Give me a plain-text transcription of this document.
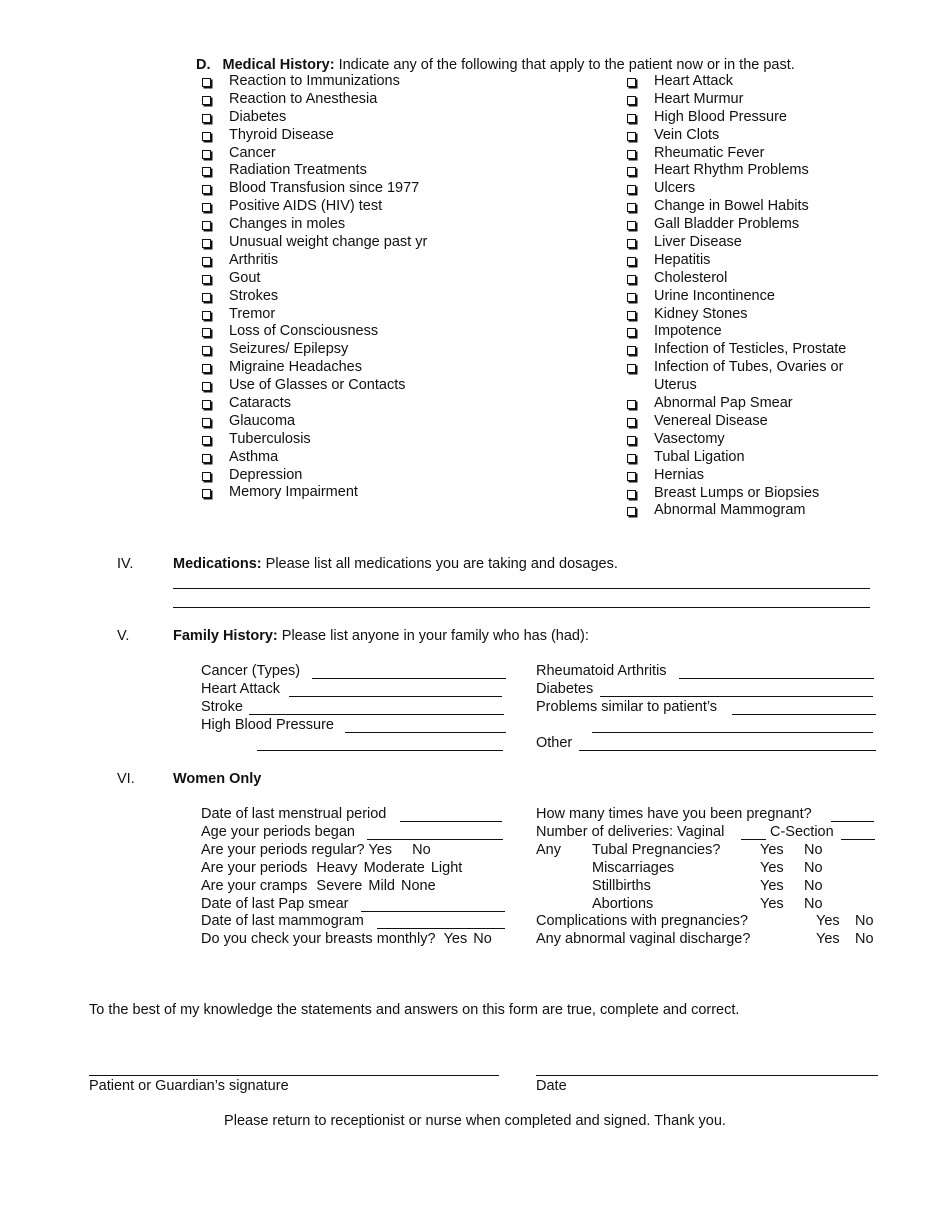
D. Medical History: Indicate any of the following that apply to the patient now or in the past.
Reaction to Immunizations
Reaction to Anesthesia
Diabetes
Thyroid Disease
Cancer
Radiation Treatments
Blood Transfusion since 1977
Positive AIDS (HIV) test
Changes in moles
Unusual weight change past yr
Arthritis
Gout
Strokes
Tremor
Loss of Consciousness
Seizures/ Epilepsy
Migraine Headaches
Use of Glasses or Contacts
Cataracts
Glaucoma
Tuberculosis
Asthma
Depression
Memory Impairment
Heart Attack
Heart Murmur
High Blood Pressure
Vein Clots
Rheumatic Fever
Heart Rhythm Problems
Ulcers
Change in Bowel Habits
Gall Bladder Problems
Liver Disease
Hepatitis
Cholesterol
Urine Incontinence
Kidney Stones
Impotence
Infection of Testicles, Prostate
Infection of Tubes, Ovaries or Uterus
Abnormal Pap Smear
Venereal Disease
Vasectomy
Tubal Ligation
Hernias
Breast Lumps or Biopsies
Abnormal Mammogram
IV.	Medications: Please list all medications you are taking and dosages.
V.	Family History: Please list anyone in your family who has (had):
Cancer (Types)
Heart Attack
Stroke
High Blood Pressure
Rheumatoid Arthritis
Diabetes
Problems similar to patient’s
Other
VI.	Women Only
Date of last menstrual period
Age your periods began
Are your periods regular? Yes No
Are your periods Heavy Moderate Light
Are your cramps Severe Mild None
Date of last Pap smear
Date of last mammogram
Do you check your breasts monthly? Yes No
How many times have you been pregnant?
Number of deliveries: Vaginal	C-Section
Any Tubal Pregnancies?	Yes No
Miscarriages	Yes No
Stillbirths	Yes No
Abortions	Yes No
Complications with pregnancies?	Yes No
Any abnormal vaginal discharge?	Yes No
To the best of my knowledge the statements and answers on this form are true, complete and correct.
Patient or Guardian’s signature	Date
Please return to receptionist or nurse when completed and signed. Thank you.
